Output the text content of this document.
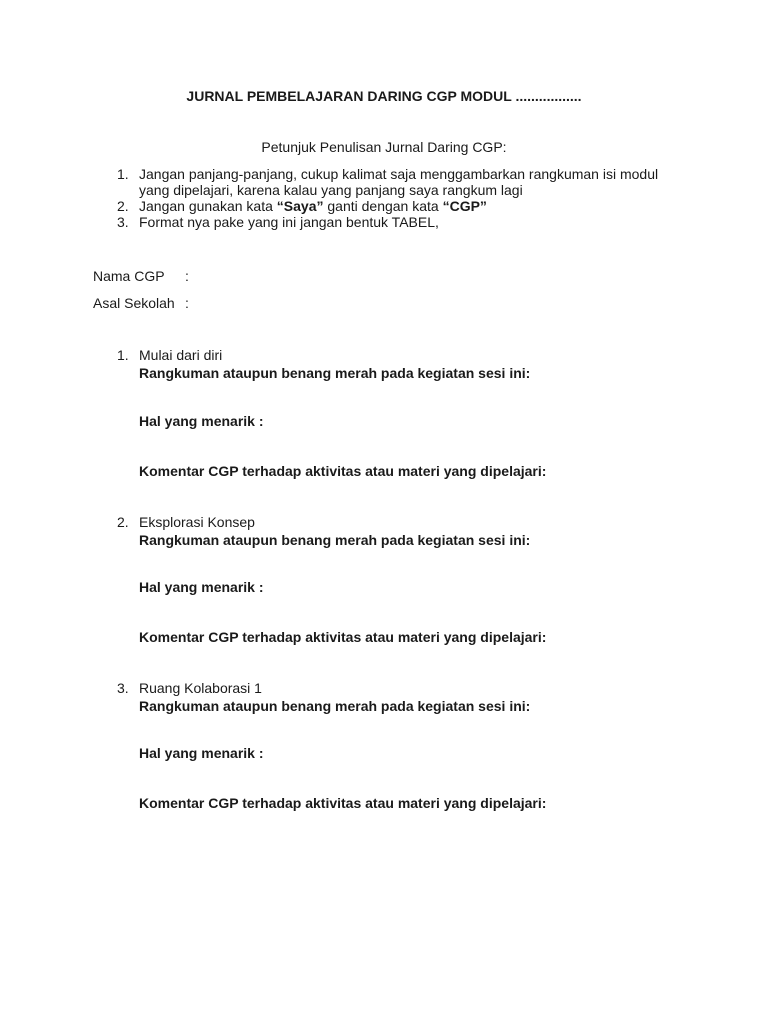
JURNAL PEMBELAJARAN DARING CGP MODUL .................
Petunjuk Penulisan Jurnal Daring CGP:
1. Jangan panjang-panjang, cukup kalimat saja menggambarkan rangkuman isi modul
yang dipelajari, karena kalau yang panjang saya rangkum lagi
2. Jangan gunakan kata “Saya” ganti dengan kata “CGP”
3. Format nya pake yang ini jangan bentuk TABEL,
Nama CGP	:
Asal Sekolah :
1. Mulai dari diri
Rangkuman ataupun benang merah pada kegiatan sesi ini:
Hal yang menarik :
Komentar CGP terhadap aktivitas atau materi yang dipelajari:
2. Eksplorasi Konsep
Rangkuman ataupun benang merah pada kegiatan sesi ini:
Hal yang menarik :
Komentar CGP terhadap aktivitas atau materi yang dipelajari:
3. Ruang Kolaborasi 1
Rangkuman ataupun benang merah pada kegiatan sesi ini:
Hal yang menarik :
Komentar CGP terhadap aktivitas atau materi yang dipelajari:
